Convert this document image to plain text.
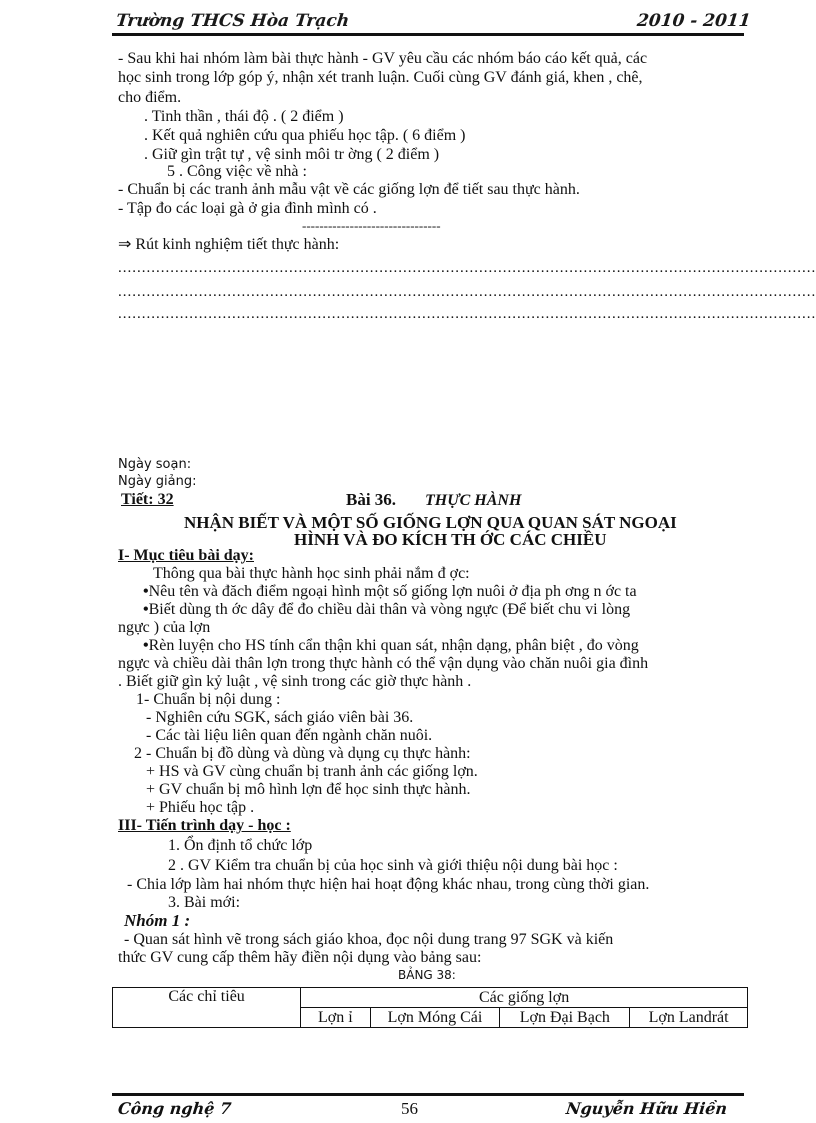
Trường THCS Hòa Trạch	2010 - 2011
- Sau khi hai nhóm làm bài thực hành - GV yêu cầu các nhóm báo cáo kết quả, các
học sinh trong lớp góp ý, nhận xét tranh luận. Cuối cùng GV đánh giá, khen , chê,
cho điểm.
. Tinh thần , thái độ . ( 2 điểm )
. Kết quả nghiên cứu qua phiếu học tập. ( 6 điểm )
. Giữ gìn trật tự , vệ sinh môi tr ờng ( 2 điểm )
5 . Công việc về nhà :
- Chuẩn bị các tranh ảnh mẫu vật về các giống lợn để tiết sau thực hành.
- Tập đo các loại gà ở gia đình mình có .
--------------------------------
⇒ Rút kinh nghiệm tiết thực hành:
...................................................................................................................................................
...................................................................................................................................................
...................................................................................................................................................
Ngày soạn:
Ngày giảng:
Tiết: 32	Bài 36. THỰC HÀNH
NHẬN BIẾT VÀ MỘT SỐ GIỐNG LỢN QUA QUAN SÁT NGOẠI
HÌNH VÀ ĐO KÍCH TH ỚC CÁC CHIỀU
I- Mục tiêu bài dạy:
Thông qua bài thực hành học sinh phải nắm đ ợc:
•Nêu tên và đăch điểm ngoại hình một số giống lợn nuôi ở địa ph ơng n ớc ta
•Biết dùng th ớc dây để đo chiều dài thân và vòng ngực (Để biết chu vi lòng
ngực ) của lợn
•Rèn luyện cho HS tính cẩn thận khi quan sát, nhận dạng, phân biệt , đo vòng
ngực và chiều dài thân lợn trong thực hành có thể vận dụng vào chăn nuôi gia đình
. Biết giữ gìn kỷ luật , vệ sinh trong các giờ thực hành .
1- Chuẩn bị nội dung :
- Nghiên cứu SGK, sách giáo viên bài 36.
- Các tài liệu liên quan đến ngành chăn nuôi.
2 - Chuẩn bị đồ dùng và dùng và dụng cụ thực hành:
+ HS và GV cùng chuẩn bị tranh ảnh các giống lợn.
+ GV chuẩn bị mô hình lợn để học sinh thực hành.
+ Phiếu học tập .
III- Tiến trình dạy - học :
1. Ổn định tổ chức lớp
2 . GV Kiểm tra chuẩn bị của học sinh và giới thiệu nội dung bài học :
- Chia lớp làm hai nhóm thực hiện hai hoạt động khác nhau, trong cùng thời gian.
3. Bài mới:
Nhóm 1 :
- Quan sát hình vẽ trong sách giáo khoa, đọc nội dung trang 97 SGK và kiến
thức GV cung cấp thêm hãy điền nội dụng vào bảng sau:
BẢNG 38:
Các chỉ tiêu	Các giống lợn			
	Lợn ỉ	Lợn Móng Cái	Lợn Đại Bạch	Lợn Landrát
Công nghệ 7	56	Nguyễn Hữu Hiền
